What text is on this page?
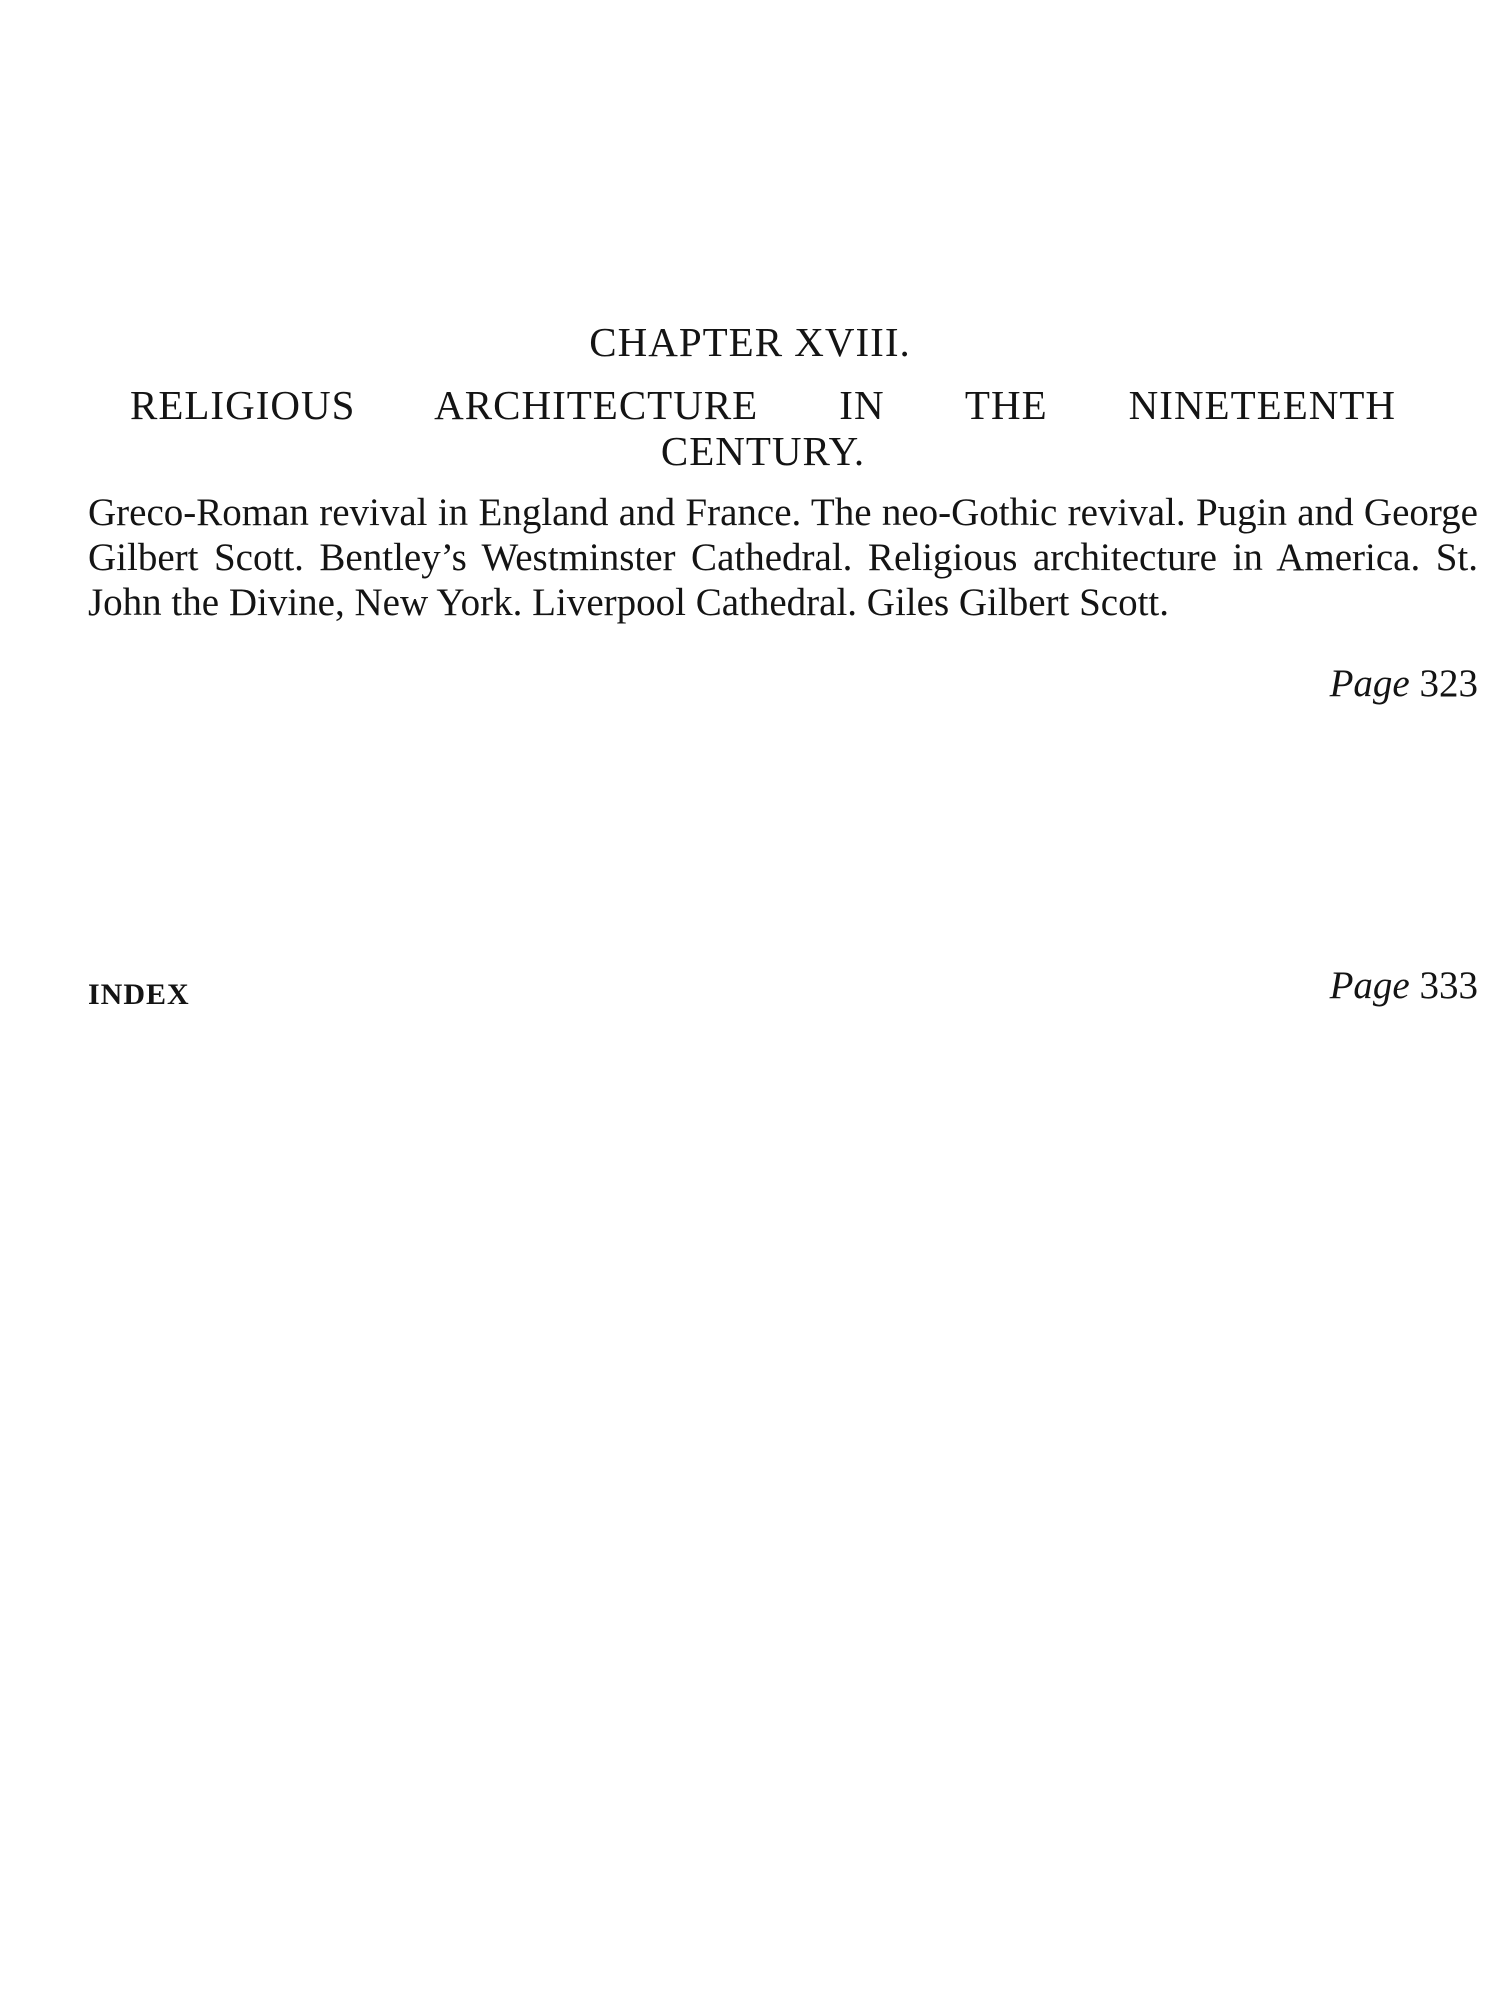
CHAPTER XVIII.
RELIGIOUS ARCHITECTURE IN THE NINETEENTH
CENTURY.

Greco-Roman revival in England and France. The neo-Gothic revival. Pugin and George Gilbert Scott. Bentley’s Westminster Cathedral. Religious architecture in America. St. John the Divine, New York. Liverpool Cathedral. Giles Gilbert Scott.

Page 323
INDEX	Page 333
